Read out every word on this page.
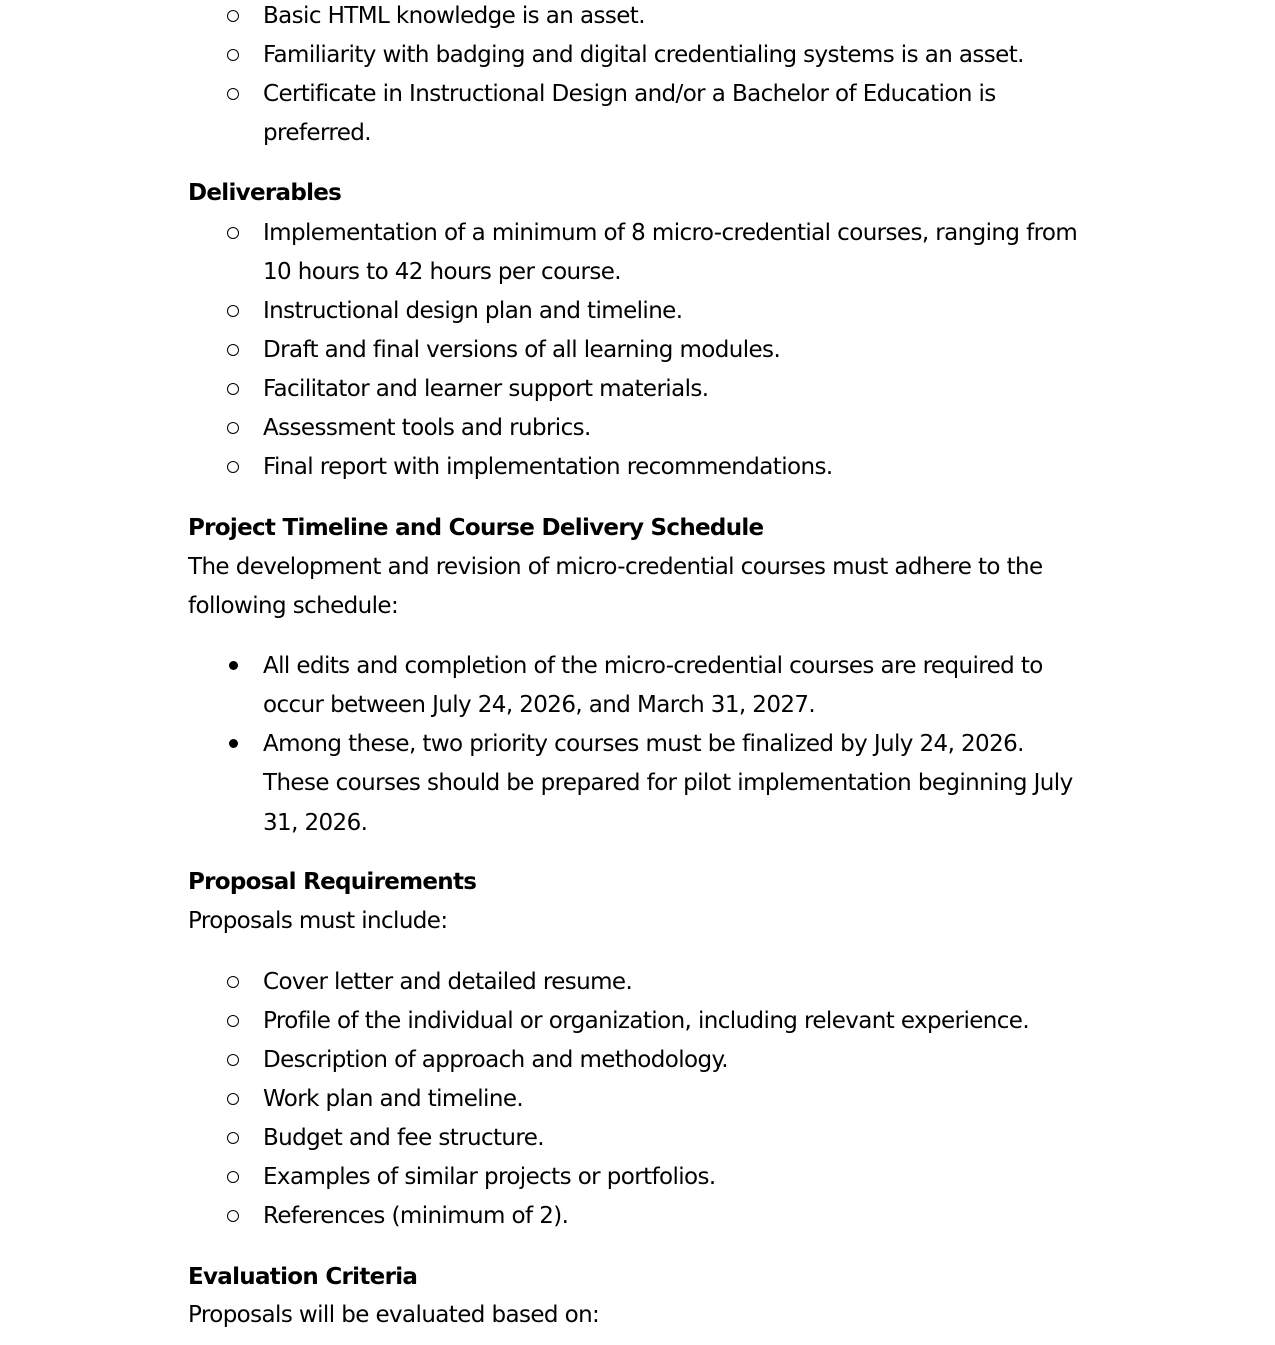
Basic HTML knowledge is an asset.
Familiarity with badging and digital credentialing systems is an asset.
Certificate in Instructional Design and/or a Bachelor of Education is preferred.
Deliverables
Implementation of a minimum of 8 micro-credential courses, ranging from 10 hours to 42 hours per course.
Instructional design plan and timeline.
Draft and final versions of all learning modules.
Facilitator and learner support materials.
Assessment tools and rubrics.
Final report with implementation recommendations.
Project Timeline and Course Delivery Schedule
The development and revision of micro-credential courses must adhere to the following schedule:
All edits and completion of the micro-credential courses are required to occur between July 24, 2026, and March 31, 2027.
Among these, two priority courses must be finalized by July 24, 2026. These courses should be prepared for pilot implementation beginning July 31, 2026.
Proposal Requirements
Proposals must include:
Cover letter and detailed resume.
Profile of the individual or organization, including relevant experience.
Description of approach and methodology.
Work plan and timeline.
Budget and fee structure.
Examples of similar projects or portfolios.
References (minimum of 2).
Evaluation Criteria
Proposals will be evaluated based on:
